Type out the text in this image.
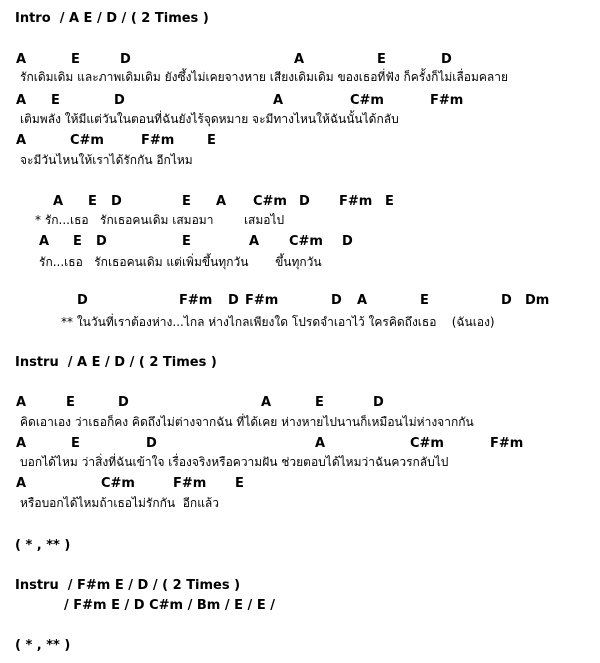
Intro  / A E / D / ( 2 Times )
A	E	D	A	E	D
รักเดิมเดิม และภาพเดิมเดิม ยังซึ้งไม่เคยจางหาย เสียงเดิมเดิม ของเธอที่ฟัง ก็ครั้งก็ไม่เลื่อมคลาย
A E	D	A	C#m	F#m
เติมพลัง ให้มีแต่วันในตอนที่ฉันยังไร้จุดหมาย จะมีทางไหนให้ฉันนั้นได้กลับ
A	C#m	F#m	E
จะมีวันไหนให้เราได้รักกัน อีกไหม
A E D	E A C#m D F#m E
* รัก...เธอ   รักเธอคนเดิม เสมอมา        เสมอไป
A E D	E	A C#m D
รัก...เธอ   รักเธอคนเดิม แต่เพิ่มขึ้นทุกวัน       ขึ้นทุกวัน
D	F#m D F#m	D A	E	D Dm
** ในวันที่เราต้องห่าง...ไกล ห่างไกลเพียงใด โปรดจำเอาไว้ ใครคิดถึงเธอ    (ฉันเอง)
Instru  / A E / D / ( 2 Times )
A	E	D	A	E	D
คิดเอาเอง ว่าเธอก็คง คิดถึงไม่ต่างจากฉัน ที่ได้เคย ห่างหายไปนานก็เหมือนไม่ห่างจากกัน
A	E	D	A	C#m	F#m
บอกได้ไหม ว่าสิ่งที่ฉันเข้าใจ เรื่องจริงหรือความฝัน ช่วยตอบได้ไหมว่าฉันควรกลับไป
A	C#m	F#m E
หรือบอกได้ไหมถ้าเธอไม่รักกัน  อีกแล้ว
( * , ** )
Instru  / F#m E / D / ( 2 Times )
/ F#m E / D C#m / Bm / E / E /
( * , ** )
